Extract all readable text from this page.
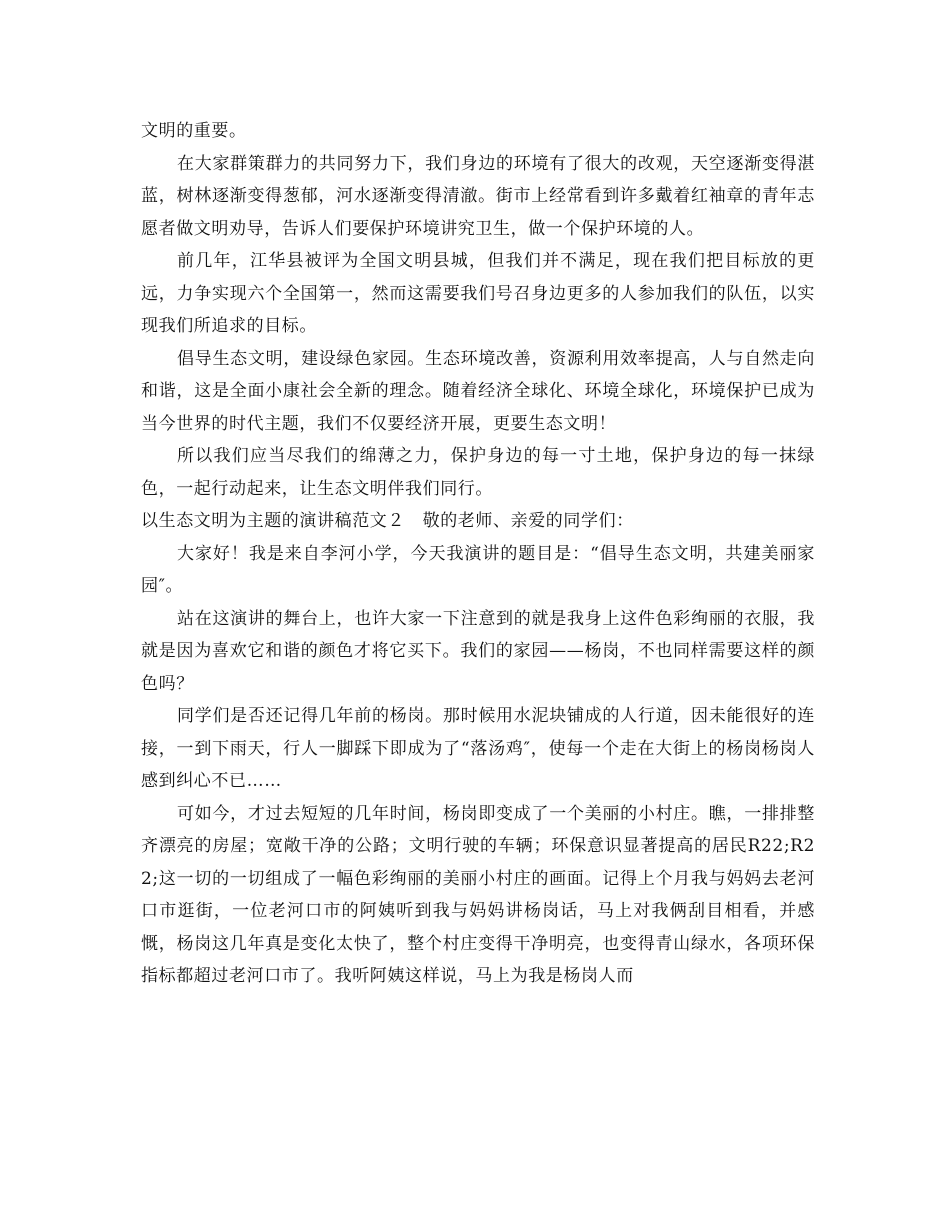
文明的重要。

在大家群策群力的共同努力下，我们身边的环境有了很大的改观，天空逐渐变得湛蓝，树林逐渐变得葱郁，河水逐渐变得清澈。街市上经常看到许多戴着红袖章的青年志愿者做文明劝导，告诉人们要保护环境讲究卫生，做一个保护环境的人。

前几年，江华县被评为全国文明县城，但我们并不满足，现在我们把目标放的更远，力争实现六个全国第一，然而这需要我们号召身边更多的人参加我们的队伍，以实现我们所追求的目标。

倡导生态文明，建设绿色家园。生态环境改善，资源利用效率提高，人与自然走向和谐，这是全面小康社会全新的理念。随着经济全球化、环境全球化，环境保护已成为当今世界的时代主题，我们不仅要经济开展，更要生态文明！

所以我们应当尽我们的绵薄之力，保护身边的每一寸土地，保护身边的每一抹绿色，一起行动起来，让生态文明伴我们同行。

以生态文明为主题的演讲稿范文２　敬的老师、亲爱的同学们：

大家好！我是来自李河小学，今天我演讲的题目是：“倡导生态文明，共建美丽家园″。

站在这演讲的舞台上，也许大家一下注意到的就是我身上这件色彩绚丽的衣服，我就是因为喜欢它和谐的颜色才将它买下。我们的家园——杨岗，不也同样需要这样的颜色吗？

同学们是否还记得几年前的杨岗。那时候用水泥块铺成的人行道，因未能很好的连接，一到下雨天，行人一脚踩下即成为了“落汤鸡″，使每一个走在大街上的杨岗杨岗人感到纠心不已……

可如今，才过去短短的几年时间，杨岗即变成了一个美丽的小村庄。瞧，一排排整齐漂亮的房屋；宽敞干净的公路；文明行驶的车辆；环保意识显著提高的居民R22;R22;这一切的一切组成了一幅色彩绚丽的美丽小村庄的画面。记得上个月我与妈妈去老河口市逛街，一位老河口市的阿姨听到我与妈妈讲杨岗话，马上对我俩刮目相看，并感慨，杨岗这几年真是变化太快了，整个村庄变得干净明亮，也变得青山绿水，各项环保指标都超过老河口市了。我听阿姨这样说，马上为我是杨岗人而
